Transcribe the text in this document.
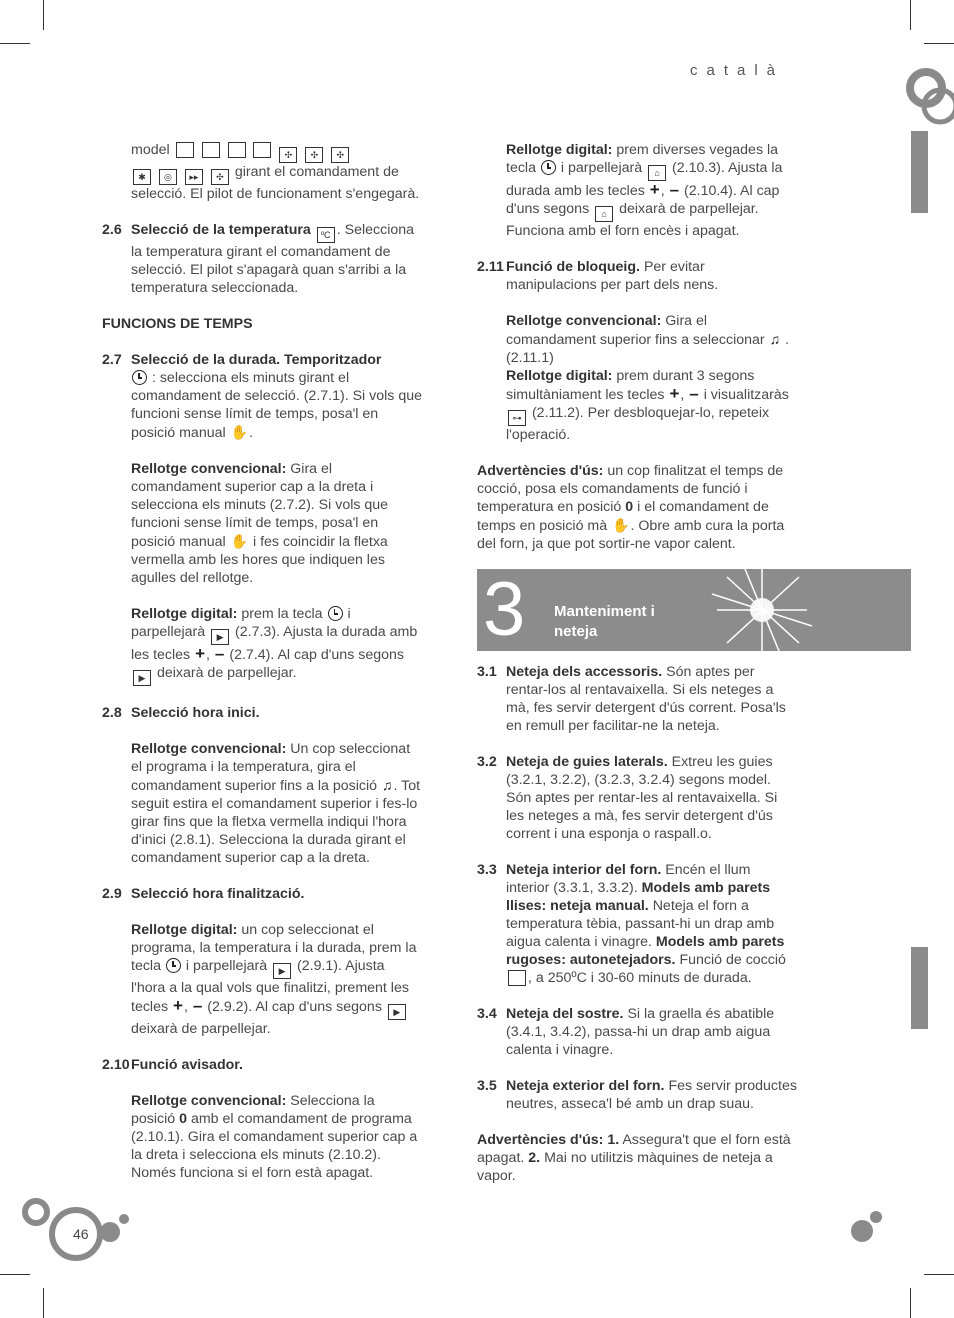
català
model	✣ ✣ ✣
✱ ◎ ▸▸ ✣ girant el comandament de selecció. El pilot de funcionament s'engegarà.
2.6 Selecció de la temperatura ºC . Selecciona la temperatura girant el comandament de selecció. El pilot s'apagarà quan s'arribi a la temperatura seleccionada.
FUNCIONS DE TEMPS
2.7 Selecció de la durada. Temporitzador
: selecciona els minuts girant el comandament de selecció. (2.7.1). Si vols que funcioni sense límit de temps, posa'l en posició manual ✋.
Rellotge convencional: Gira el comandament superior cap a la dreta i selecciona els minuts (2.7.2). Si vols que funcioni sense límit de temps, posa'l en posició manual ✋ i fes coincidir la fletxa vermella amb les hores que indiquen les agulles del rellotge.
Rellotge digital: prem la tecla i parpellejarà ▶ (2.7.3). Ajusta la durada amb les tecles +, – (2.7.4). Al cap d'uns segons ▶ deixarà de parpellejar.
2.8 Selecció hora inici.
Rellotge convencional: Un cop seleccionat el programa i la temperatura, gira el comandament superior fins a la posició ♫. Tot seguit estira el comandament superior i fes-lo girar fins que la fletxa vermella indiqui l'hora d'inici (2.8.1). Selecciona la durada girant el comandament superior cap a la dreta.
2.9 Selecció hora finalització.
Rellotge digital: un cop seleccionat el programa, la temperatura i la durada, prem la tecla i parpellejarà ▶ (2.9.1). Ajusta l'hora a la qual vols que finalitzi, prement les tecles +, – (2.9.2). Al cap d'uns segons ▶ deixarà de parpellejar.
2.10 Funció avisador.
Rellotge convencional: Selecciona la posició 0 amb el comandament de programa (2.10.1). Gira el comandament superior cap a la dreta i selecciona els minuts (2.10.2). Només funciona si el forn està apagat.
Rellotge digital: prem diverses vegades la tecla i parpellejarà ⌂ (2.10.3). Ajusta la durada amb les tecles +, – (2.10.4). Al cap d'uns segons ⌂ deixarà de parpellejar. Funciona amb el forn encès i apagat.
2.11 Funció de bloqueig. Per evitar manipulacions per part dels nens.
Rellotge convencional: Gira el comandament superior fins a seleccionar ♫ .(2.11.1)
Rellotge digital: prem durant 3 segons simultàniament les tecles +, – i visualitzaràs ⊶ (2.11.2). Per desbloquejar-lo, repeteix l'operació.
Advertències d'ús: un cop finalitzat el temps de cocció, posa els comandaments de funció i temperatura en posició 0 i el comandament de temps en posició mà ✋. Obre amb cura la porta del forn, ja que pot sortir-ne vapor calent.
3 Manteniment i neteja
3.1 Neteja dels accessoris. Són aptes per rentar-los al rentavaixella. Si els neteges a mà, fes servir detergent d'ús corrent. Posa'ls en remull per facilitar-ne la neteja.
3.2 Neteja de guies laterals. Extreu les guies (3.2.1, 3.2.2), (3.2.3, 3.2.4) segons model. Són aptes per rentar-les al rentavaixella. Si les neteges a mà, fes servir detergent d'ús corrent i una esponja o raspall.o.
3.3 Neteja interior del forn. Encén el llum interior (3.3.1, 3.3.2). Models amb parets llises: neteja manual. Neteja el forn a temperatura tèbia, passant-hi un drap amb aigua calenta i vinagre. Models amb parets rugoses: autonetejadors. Funció de cocció , a 250ºC i 30-60 minuts de durada.
3.4 Neteja del sostre. Si la graella és abatible (3.4.1, 3.4.2), passa-hi un drap amb aigua calenta i vinagre.
3.5 Neteja exterior del forn. Fes servir productes neutres, asseca'l bé amb un drap suau.
Advertències d'ús: 1. Assegura't que el forn està apagat. 2. Mai no utilitzis màquines de neteja a vapor.
46
